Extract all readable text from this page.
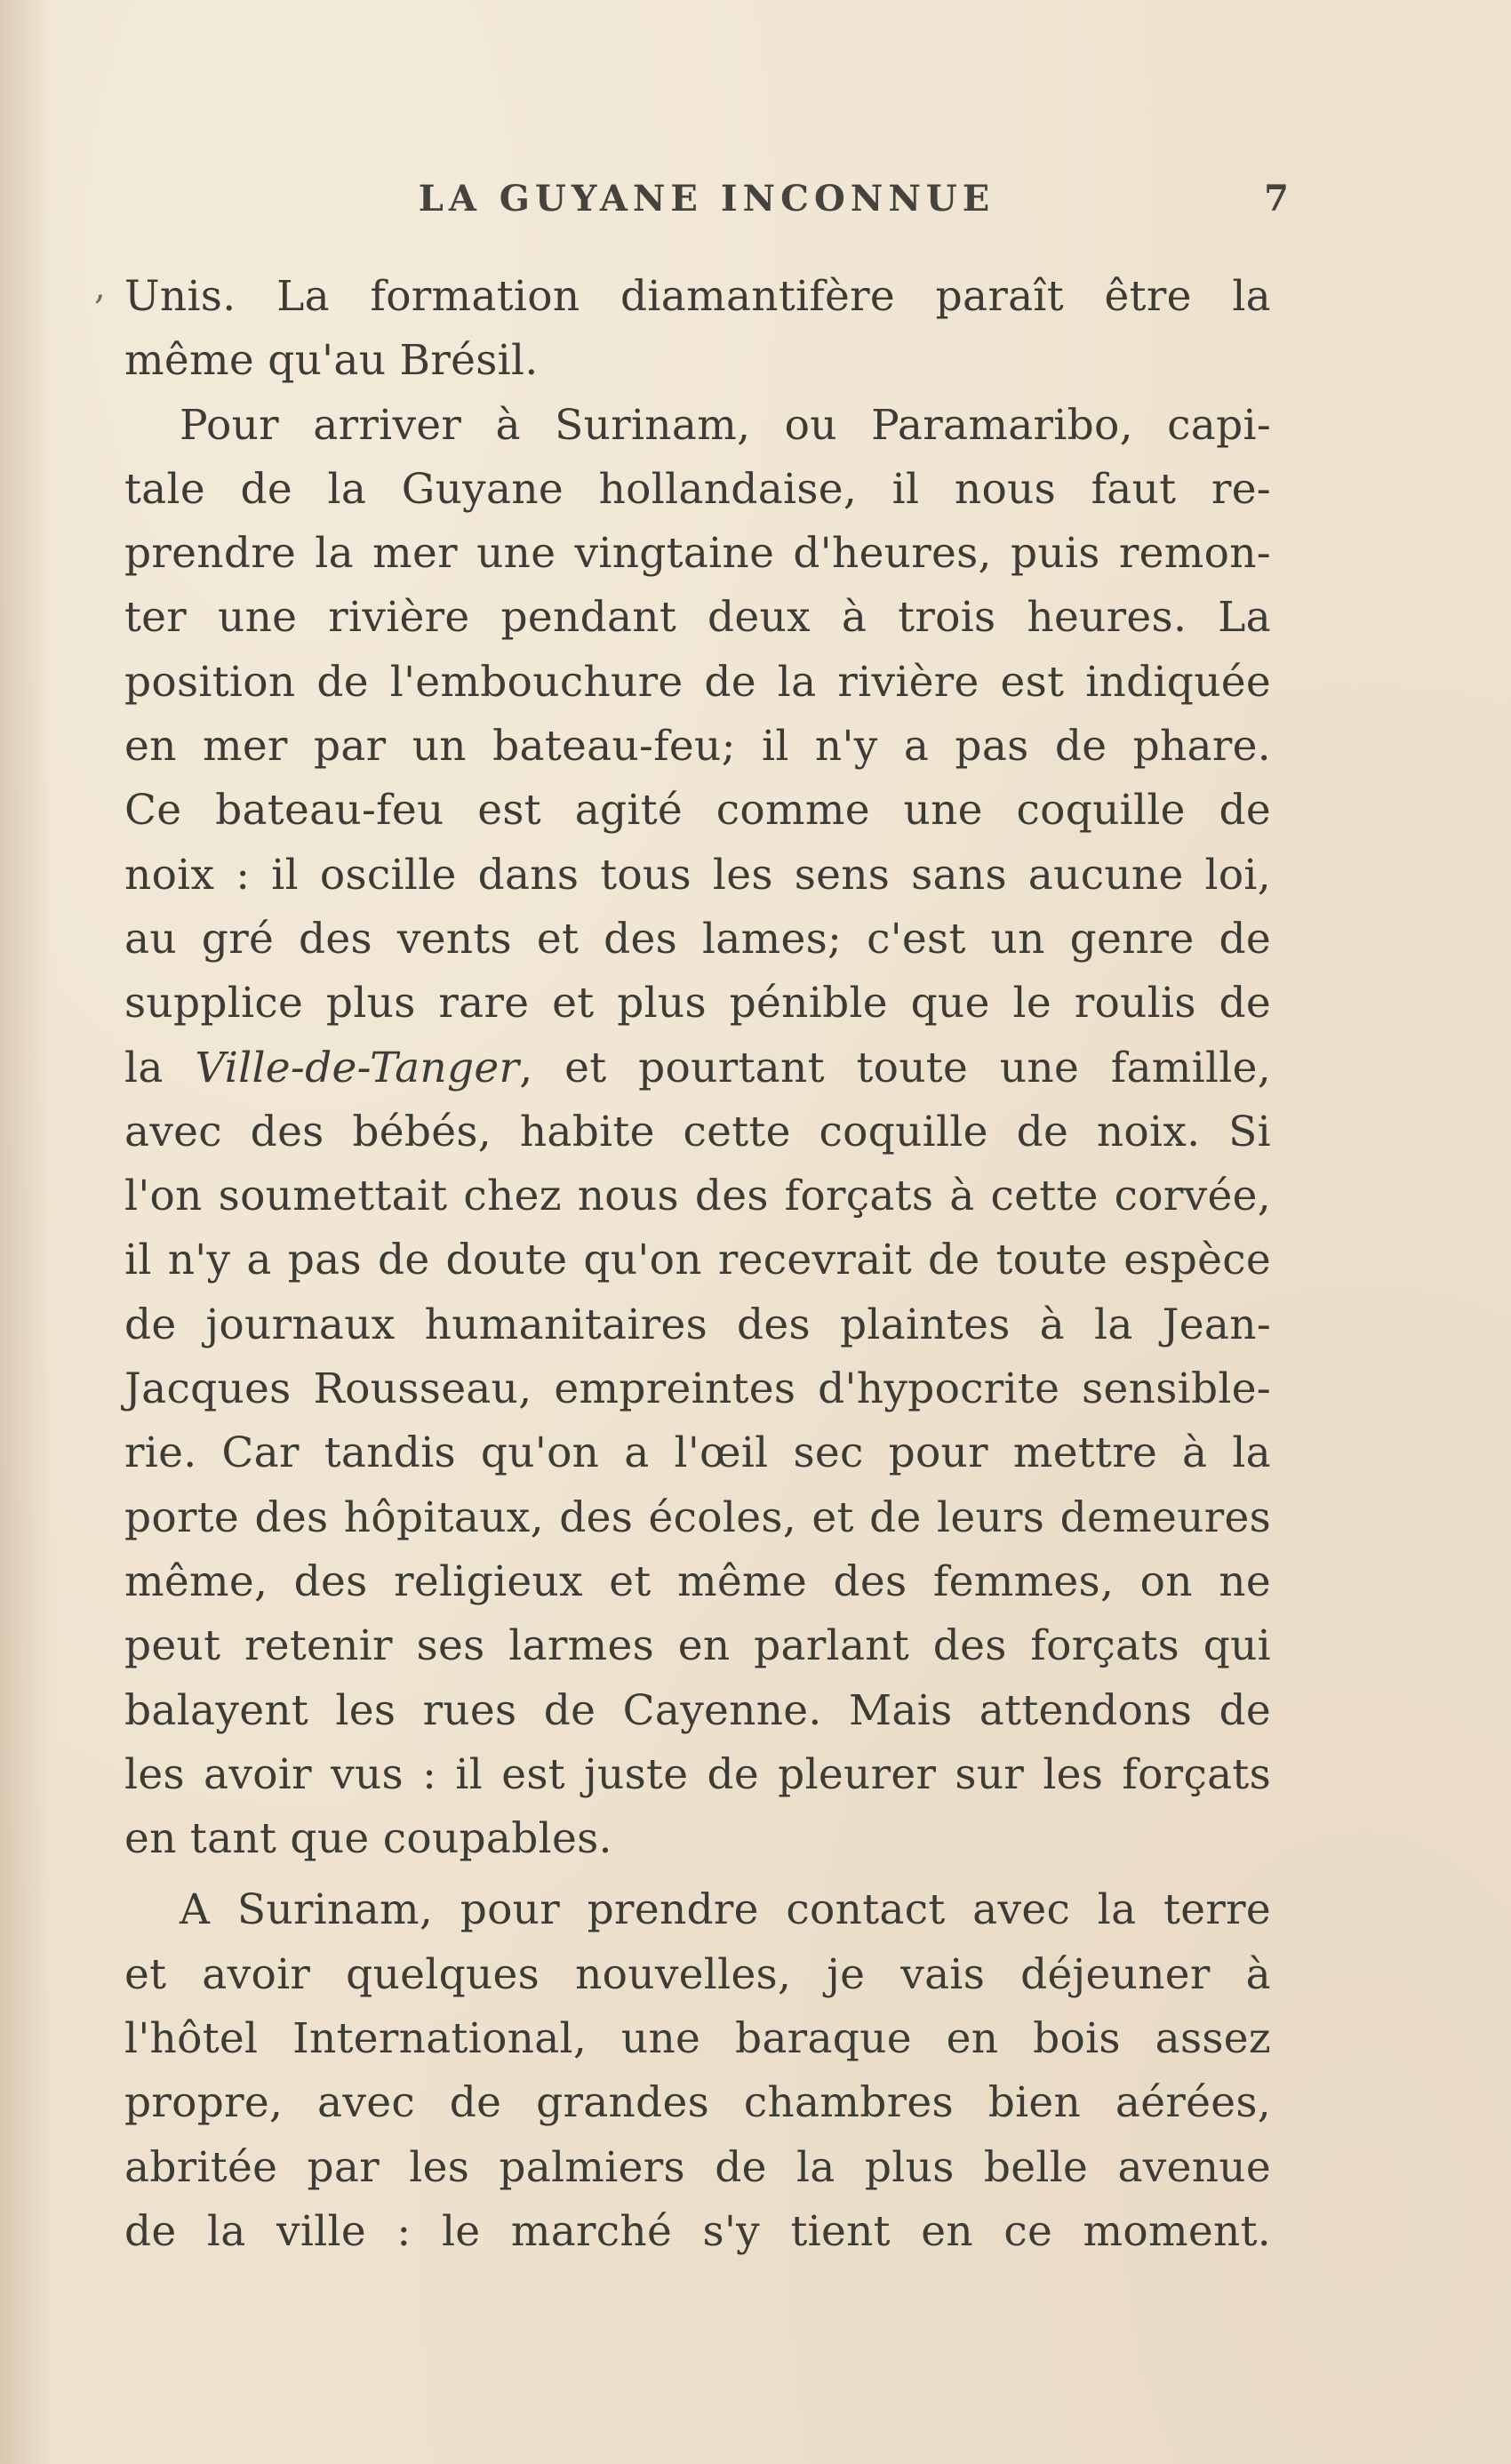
LA GUYANE INCONNUE	7
, Unis. La formation diamantifère paraît être la
même qu'au Brésil.
Pour arriver à Surinam, ou Paramaribo, capi-
tale de la Guyane hollandaise, il nous faut re-
prendre la mer une vingtaine d'heures, puis remon-
ter une rivière pendant deux à trois heures. La
position de l'embouchure de la rivière est indiquée
en mer par un bateau-feu; il n'y a pas de phare.
Ce bateau-feu est agité comme une coquille de
noix : il oscille dans tous les sens sans aucune loi,
au gré des vents et des lames; c'est un genre de
supplice plus rare et plus pénible que le roulis de
la Ville-de-Tanger, et pourtant toute une famille,
avec des bébés, habite cette coquille de noix. Si
l'on soumettait chez nous des forçats à cette corvée,
il n'y a pas de doute qu'on recevrait de toute espèce
de journaux humanitaires des plaintes à la Jean-
Jacques Rousseau, empreintes d'hypocrite sensible-
rie. Car tandis qu'on a l'œil sec pour mettre à la
porte des hôpitaux, des écoles, et de leurs demeures
même, des religieux et même des femmes, on ne
peut retenir ses larmes en parlant des forçats qui
balayent les rues de Cayenne. Mais attendons de
les avoir vus : il est juste de pleurer sur les forçats
en tant que coupables.
A Surinam, pour prendre contact avec la terre
et avoir quelques nouvelles, je vais déjeuner à
l'hôtel International, une baraque en bois assez
propre, avec de grandes chambres bien aérées,
abritée par les palmiers de la plus belle avenue
de la ville : le marché s'y tient en ce moment.
